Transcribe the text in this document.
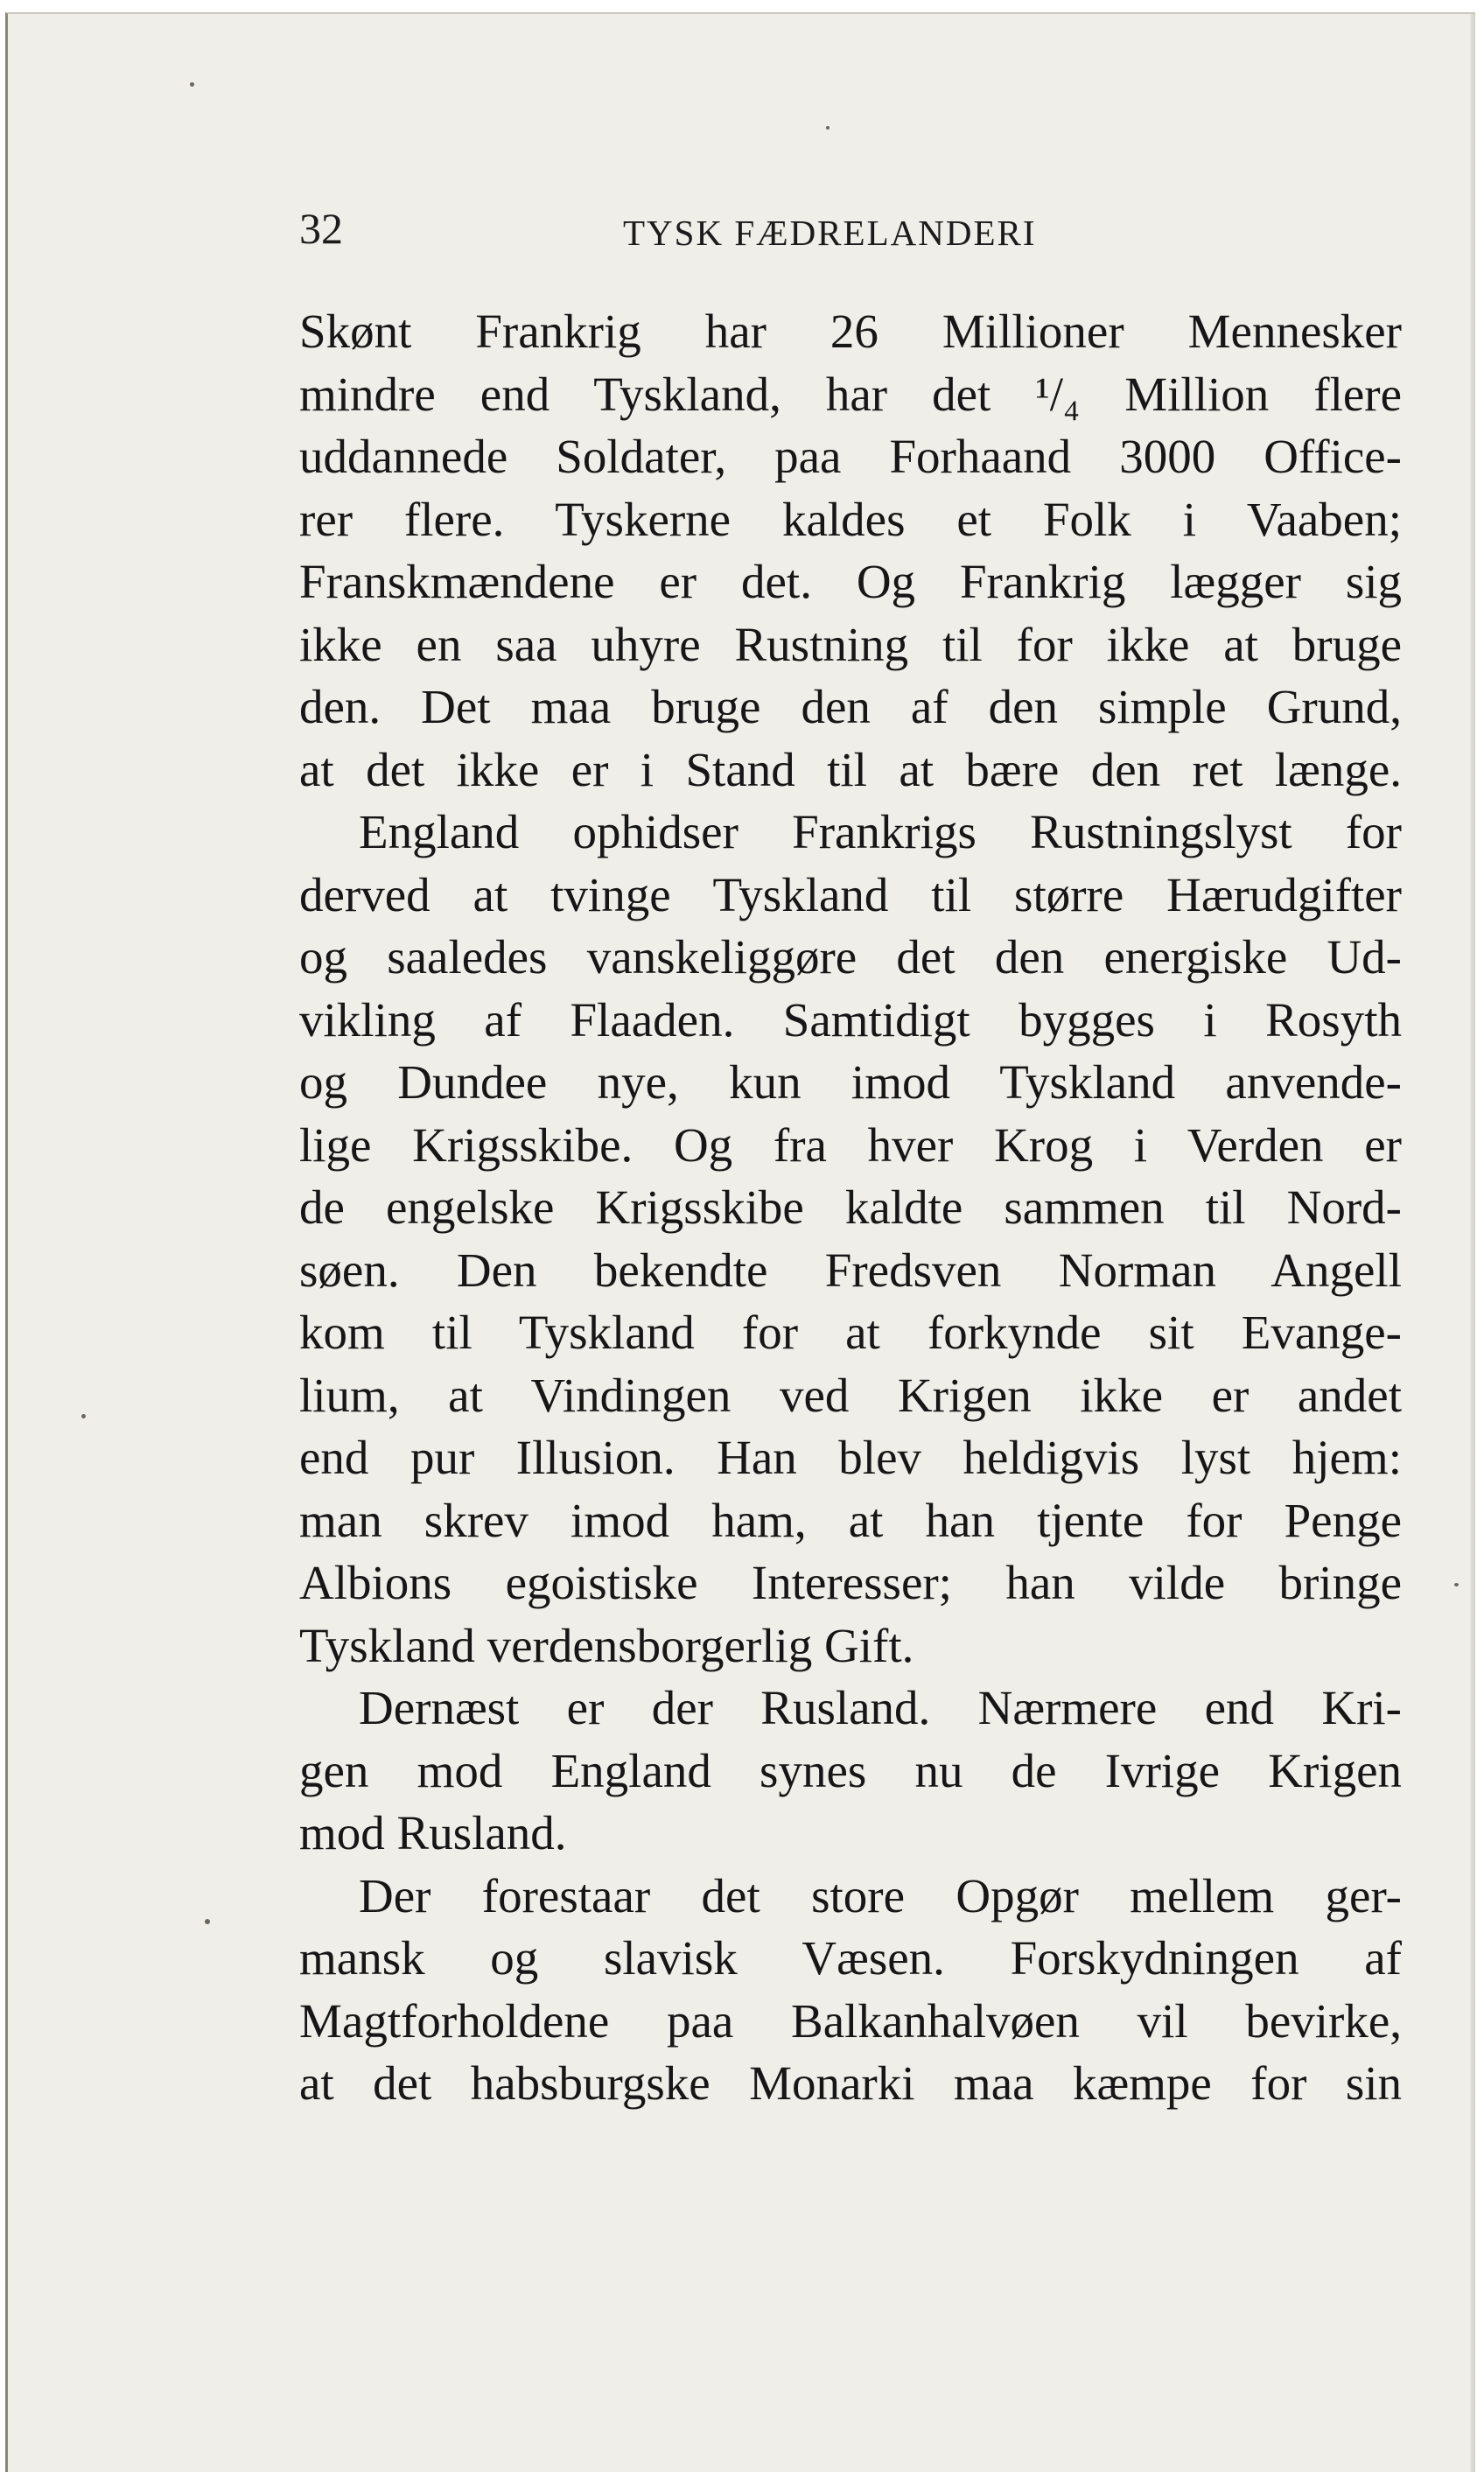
32	TYSK FÆDRELANDERI
Skønt Frankrig har 26 Millioner Mennesker
mindre end Tyskland, har det ¹/₄ Million flere
uddannede Soldater, paa Forhaand 3000 Office-
rer flere. Tyskerne kaldes et Folk i Vaaben;
Franskmændene er det. Og Frankrig lægger sig
ikke en saa uhyre Rustning til for ikke at bruge
den. Det maa bruge den af den simple Grund,
at det ikke er i Stand til at bære den ret længe.
England ophidser Frankrigs Rustningslyst for
derved at tvinge Tyskland til større Hærudgifter
og saaledes vanskeliggøre det den energiske Ud-
vikling af Flaaden. Samtidigt bygges i Rosyth
og Dundee nye, kun imod Tyskland anvende-
lige Krigsskibe. Og fra hver Krog i Verden er
de engelske Krigsskibe kaldte sammen til Nord-
søen. Den bekendte Fredsven Norman Angell
kom til Tyskland for at forkynde sit Evange-
lium, at Vindingen ved Krigen ikke er andet
end pur Illusion. Han blev heldigvis lyst hjem:
man skrev imod ham, at han tjente for Penge
Albions egoistiske Interesser; han vilde bringe
Tyskland verdensborgerlig Gift.
Dernæst er der Rusland. Nærmere end Kri-
gen mod England synes nu de Ivrige Krigen
mod Rusland.
Der forestaar det store Opgør mellem ger-
mansk og slavisk Væsen. Forskydningen af
Magtforholdene paa Balkanhalvøen vil bevirke,
at det habsburgske Monarki maa kæmpe for sin
